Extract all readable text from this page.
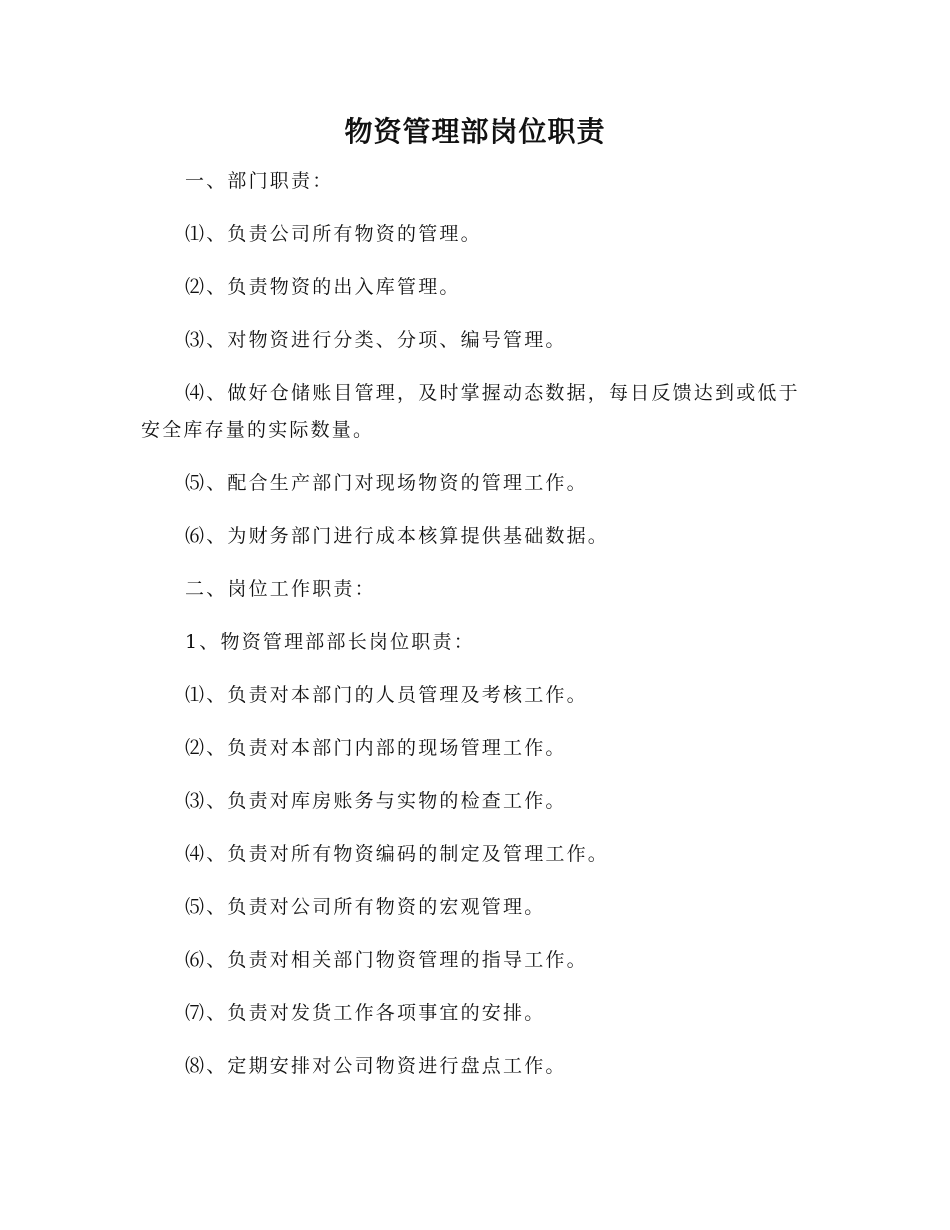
物资管理部岗位职责

一、部门职责：

⑴、负责公司所有物资的管理。

⑵、负责物资的出入库管理。

⑶、对物资进行分类、分项、编号管理。

⑷、做好仓储账目管理，及时掌握动态数据，每日反馈达到或低于安全库存量的实际数量。

⑸、配合生产部门对现场物资的管理工作。

⑹、为财务部门进行成本核算提供基础数据。

二、岗位工作职责：

1、物资管理部部长岗位职责：

⑴、负责对本部门的人员管理及考核工作。

⑵、负责对本部门内部的现场管理工作。

⑶、负责对库房账务与实物的检查工作。

⑷、负责对所有物资编码的制定及管理工作。

⑸、负责对公司所有物资的宏观管理。

⑹、负责对相关部门物资管理的指导工作。

⑺、负责对发货工作各项事宜的安排。

⑻、定期安排对公司物资进行盘点工作。
